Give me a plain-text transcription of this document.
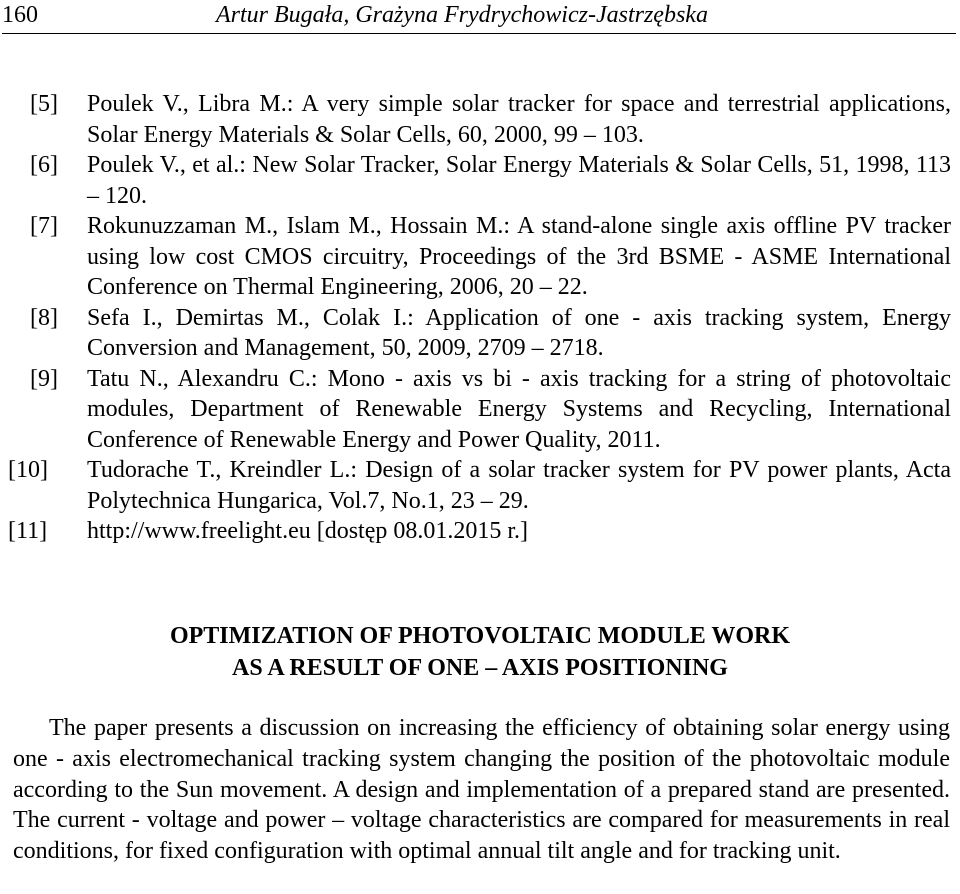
160	Artur Bugała, Grażyna Frydrychowicz-Jastrzębska
[5] Poulek V., Libra M.: A very simple solar tracker for space and terrestrial applications, Solar Energy Materials & Solar Cells, 60, 2000, 99 – 103.
[6] Poulek V., et al.: New Solar Tracker, Solar Energy Materials & Solar Cells, 51, 1998, 113 – 120.
[7] Rokunuzzaman M., Islam M., Hossain M.: A stand-alone single axis offline PV tracker using low cost CMOS circuitry, Proceedings of the 3rd BSME - ASME International Conference on Thermal Engineering, 2006, 20 – 22.
[8] Sefa I., Demirtas M., Colak I.: Application of one - axis tracking system, Energy Conversion and Management, 50, 2009, 2709 – 2718.
[9] Tatu N., Alexandru C.: Mono - axis vs bi - axis tracking for a string of photovoltaic modules, Department of Renewable Energy Systems and Recycling, International Conference of Renewable Energy and Power Quality, 2011.
[10] Tudorache T., Kreindler L.: Design of a solar tracker system for PV power plants, Acta Polytechnica Hungarica, Vol.7, No.1, 23 – 29.
[11] http://www.freelight.eu [dostęp 08.01.2015 r.]
OPTIMIZATION OF PHOTOVOLTAIC MODULE WORK
AS A RESULT OF ONE – AXIS POSITIONING

The paper presents a discussion on increasing the efficiency of obtaining solar energy using one - axis electromechanical tracking system changing the position of the photovoltaic module according to the Sun movement. A design and implementation of a prepared stand are presented. The current - voltage and power – voltage characteristics are compared for measurements in real conditions, for fixed configuration with optimal annual tilt angle and for tracking unit.
